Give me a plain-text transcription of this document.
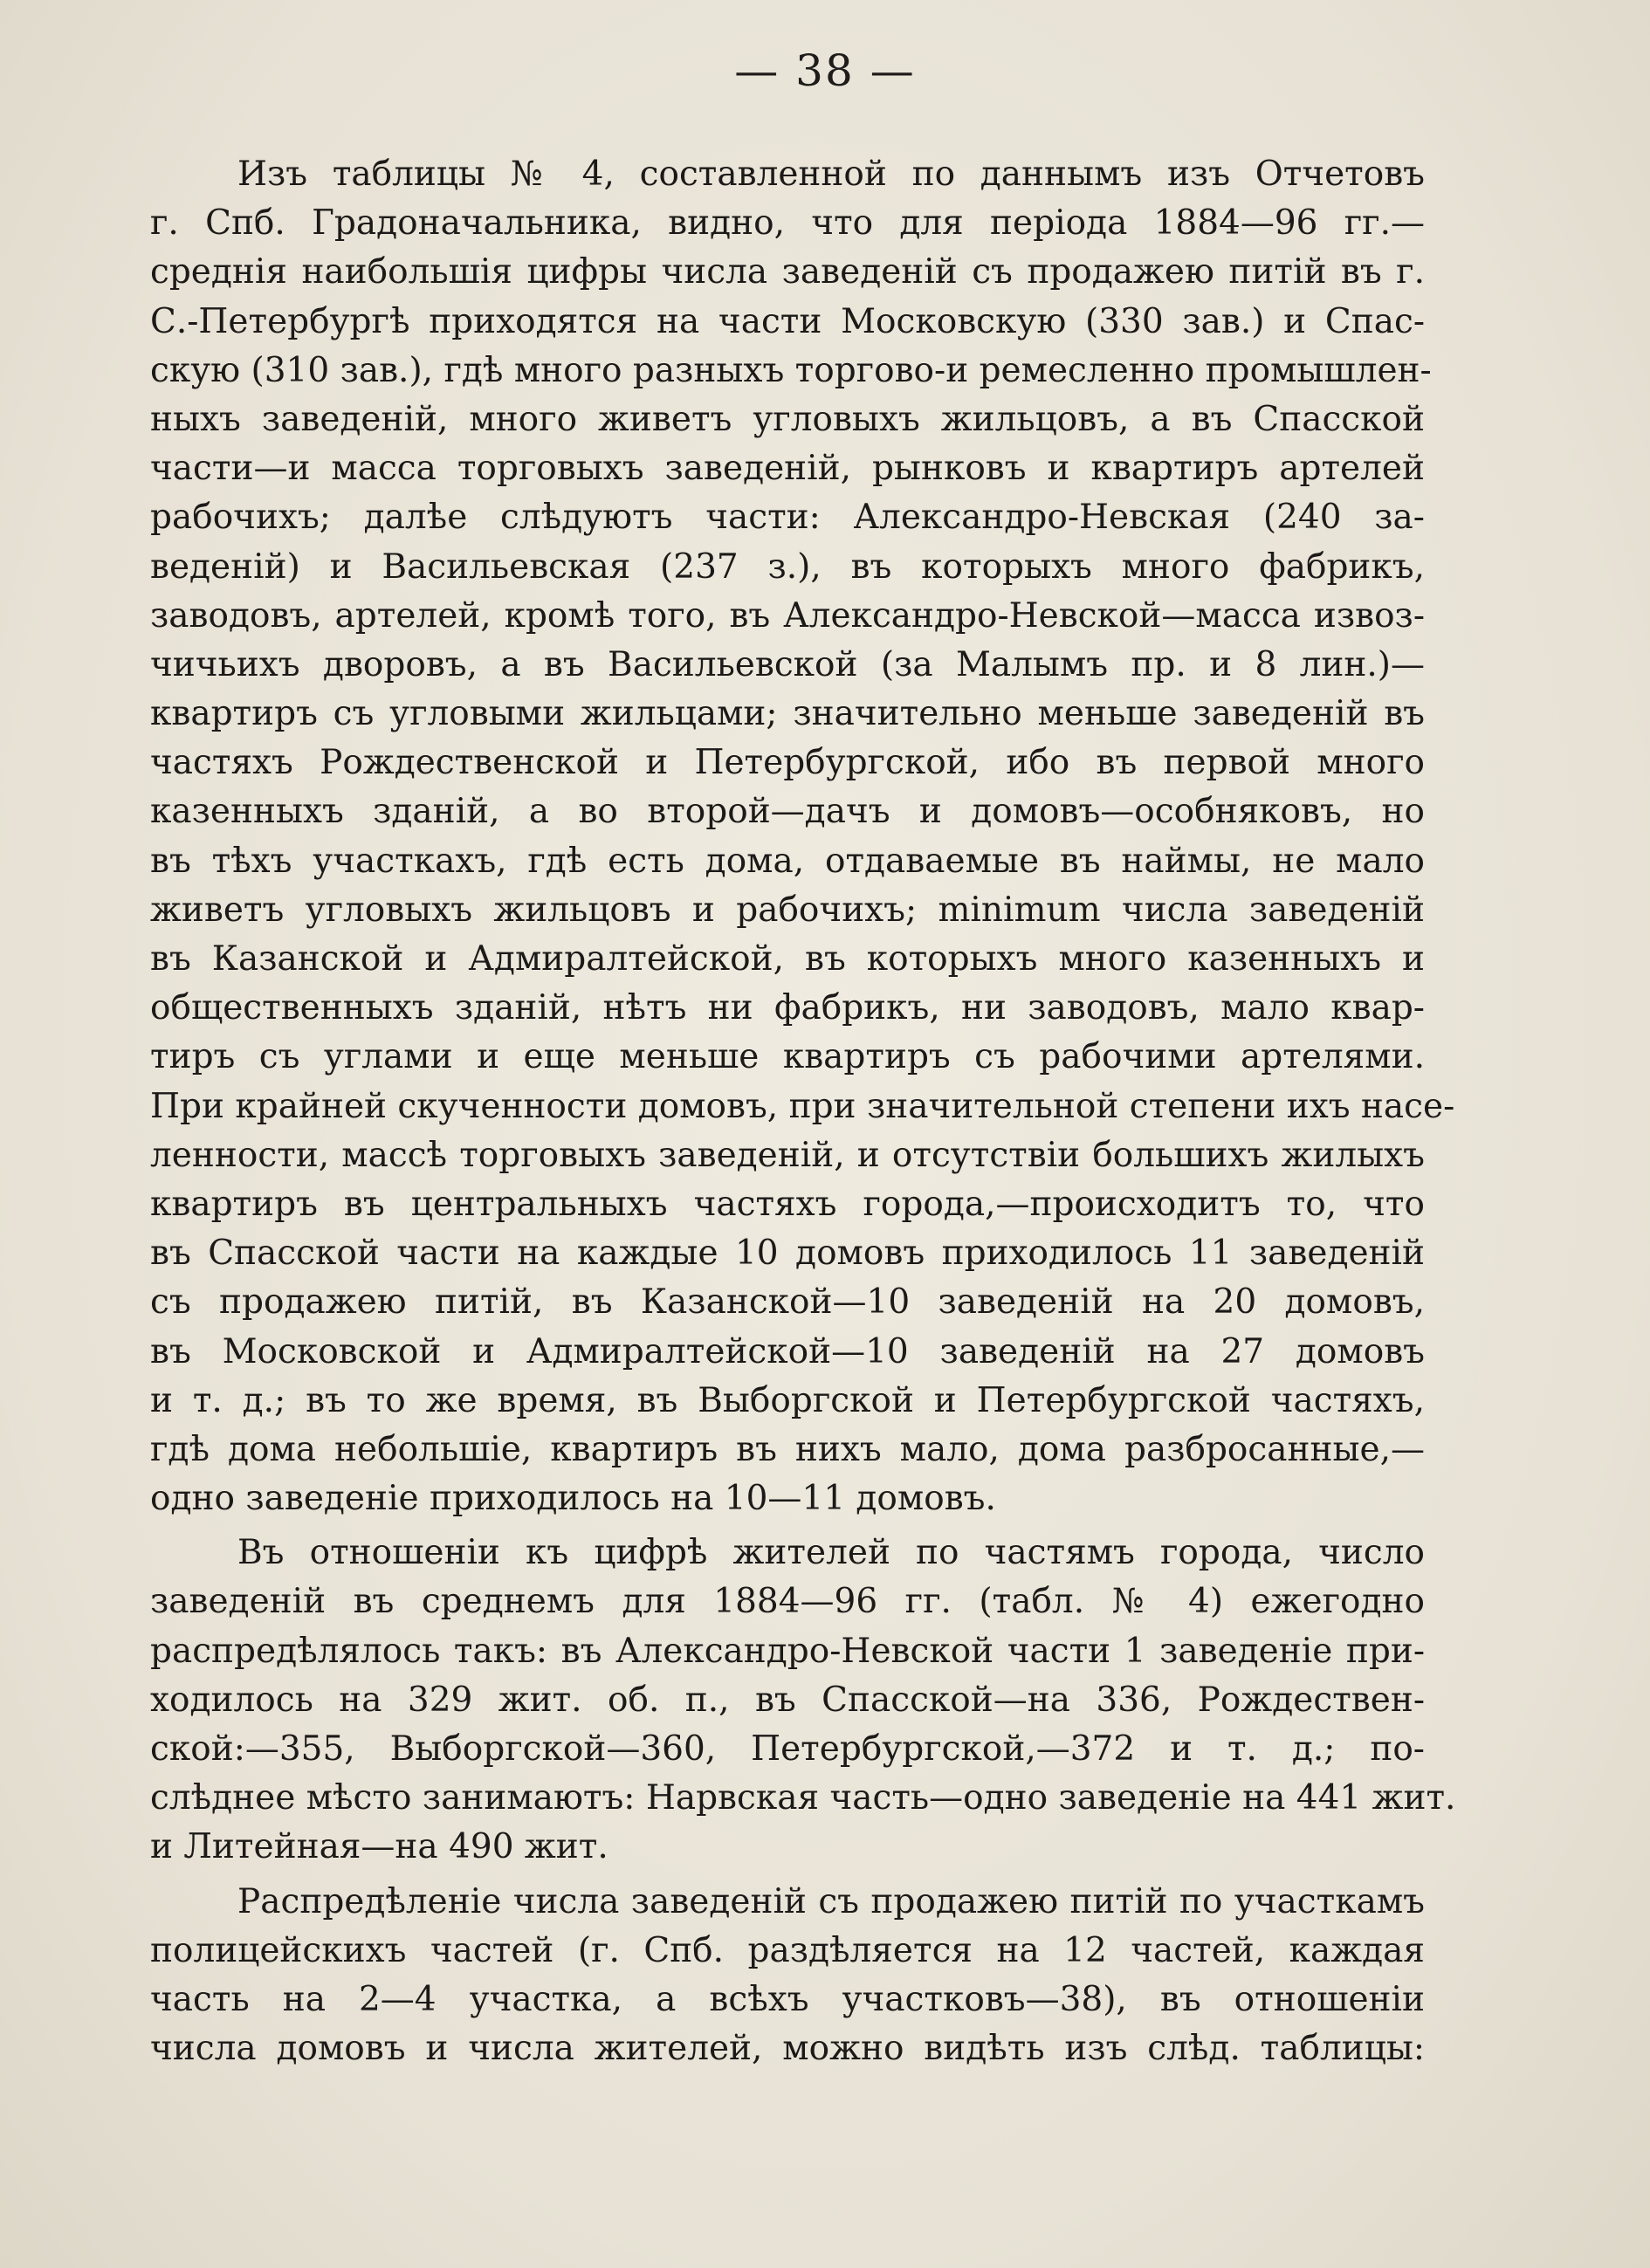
— 38 —
Изъ таблицы № 4, составленной по даннымъ изъ Отчетовъ
г. Спб. Градоначальника, видно, что для періода 1884—96 гг.—
среднія наибольшія цифры числа заведеній съ продажею питій въ г.
С.-Петербургѣ приходятся на части Московскую (330 зав.) и Спас-
скую (310 зав.), гдѣ много разныхъ торгово-и ремесленно промышлен-
ныхъ заведеній, много живетъ угловыхъ жильцовъ, а въ Спасской
части—и масса торговыхъ заведеній, рынковъ и квартиръ артелей
рабочихъ; далѣе слѣдуютъ части: Александро-Невская (240 за-
веденій) и Васильевская (237 з.), въ которыхъ много фабрикъ,
заводовъ, артелей, кромѣ того, въ Александро-Невской—масса извоз-
чичьихъ дворовъ, а въ Васильевской (за Малымъ пр. и 8 лин.)—
квартиръ съ угловыми жильцами; значительно меньше заведеній въ
частяхъ Рождественской и Петербургской, ибо въ первой много
казенныхъ зданій, а во второй—дачъ и домовъ—особняковъ, но
въ тѣхъ участкахъ, гдѣ есть дома, отдаваемые въ наймы, не мало
живетъ угловыхъ жильцовъ и рабочихъ; minimum числа заведеній
въ Казанской и Адмиралтейской, въ которыхъ много казенныхъ и
общественныхъ зданій, нѣтъ ни фабрикъ, ни заводовъ, мало квар-
тиръ съ углами и еще меньше квартиръ съ рабочими артелями.
При крайней скученности домовъ, при значительной степени ихъ насе-
ленности, массѣ торговыхъ заведеній, и отсутствіи большихъ жилыхъ
квартиръ въ центральныхъ частяхъ города,—происходитъ то, что
въ Спасской части на каждые 10 домовъ приходилось 11 заведеній
съ продажею питій, въ Казанской—10 заведеній на 20 домовъ,
въ Московской и Адмиралтейской—10 заведеній на 27 домовъ
и т. д.; въ то же время, въ Выборгской и Петербургской частяхъ,
гдѣ дома небольшіе, квартиръ въ нихъ мало, дома разбросанные,—
одно заведеніе приходилось на 10—11 домовъ.
Въ отношеніи къ цифрѣ жителей по частямъ города, число
заведеній въ среднемъ для 1884—96 гг. (табл. № 4) ежегодно
распредѣлялось такъ: въ Александро-Невской части 1 заведеніе при-
ходилось на 329 жит. об. п., въ Спасской—на 336, Рождествен-
ской:—355, Выборгской—360, Петербургской,—372 и т. д.; по-
слѣднее мѣсто занимаютъ: Нарвская часть—одно заведеніе на 441 жит.
и Литейная—на 490 жит.
Распредѣленіе числа заведеній съ продажею питій по участкамъ
полицейскихъ частей (г. Спб. раздѣляется на 12 частей, каждая
часть на 2—4 участка, а всѣхъ участковъ—38), въ отношеніи
числа домовъ и числа жителей, можно видѣть изъ слѣд. таблицы:
